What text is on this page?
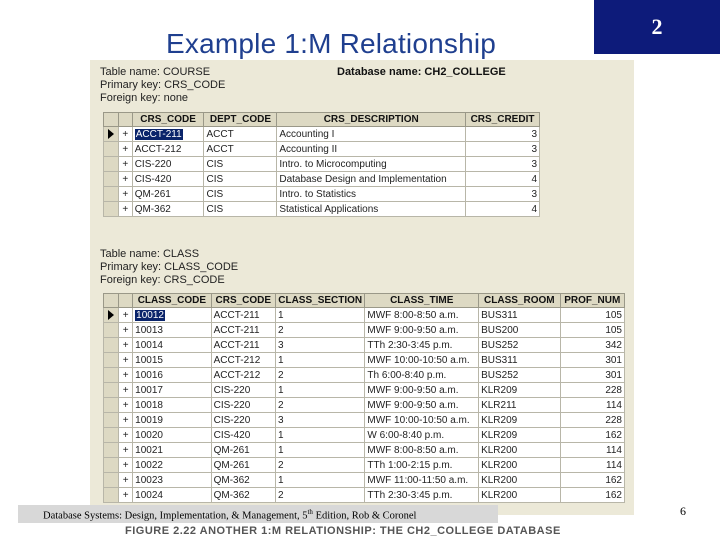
Example 1:M Relationship
2
Table name: COURSE
Primary key: CRS_CODE
Foreign key: none
Database name: CH2_COLLEGE
		CRS_CODE	DEPT_CODE	CRS_DESCRIPTION	CRS_CREDIT
	+	ACCT-211	ACCT	Accounting I	3
	+	ACCT-212	ACCT	Accounting II	3
	+	CIS-220	CIS	Intro. to Microcomputing	3
	+	CIS-420	CIS	Database Design and Implementation	4
	+	QM-261	CIS	Intro. to Statistics	3
	+	QM-362	CIS	Statistical Applications	4
Table name: CLASS
Primary key: CLASS_CODE
Foreign key: CRS_CODE
		CLASS_CODE	CRS_CODE	CLASS_SECTION	CLASS_TIME	CLASS_ROOM	PROF_NUM
	+	10012	ACCT-211	1	MWF 8:00-8:50 a.m.	BUS311	105
	+	10013	ACCT-211	2	MWF 9:00-9:50 a.m.	BUS200	105
	+	10014	ACCT-211	3	TTh 2:30-3:45 p.m.	BUS252	342
	+	10015	ACCT-212	1	MWF 10:00-10:50 a.m.	BUS311	301
	+	10016	ACCT-212	2	Th 6:00-8:40 p.m.	BUS252	301
	+	10017	CIS-220	1	MWF 9:00-9:50 a.m.	KLR209	228
	+	10018	CIS-220	2	MWF 9:00-9:50 a.m.	KLR211	114
	+	10019	CIS-220	3	MWF 10:00-10:50 a.m.	KLR209	228
	+	10020	CIS-420	1	W 6:00-8:40 p.m.	KLR209	162
	+	10021	QM-261	1	MWF 8:00-8:50 a.m.	KLR200	114
	+	10022	QM-261	2	TTh 1:00-2:15 p.m.	KLR200	114
	+	10023	QM-362	1	MWF 11:00-11:50 a.m.	KLR200	162
	+	10024	QM-362	2	TTh 2:30-3:45 p.m.	KLR200	162
FIGURE 2.22 ANOTHER 1:M RELATIONSHIP: THE CH2_COLLEGE DATABASE
Database Systems: Design, Implementation, & Management, 5th Edition, Rob & Coronel	6
